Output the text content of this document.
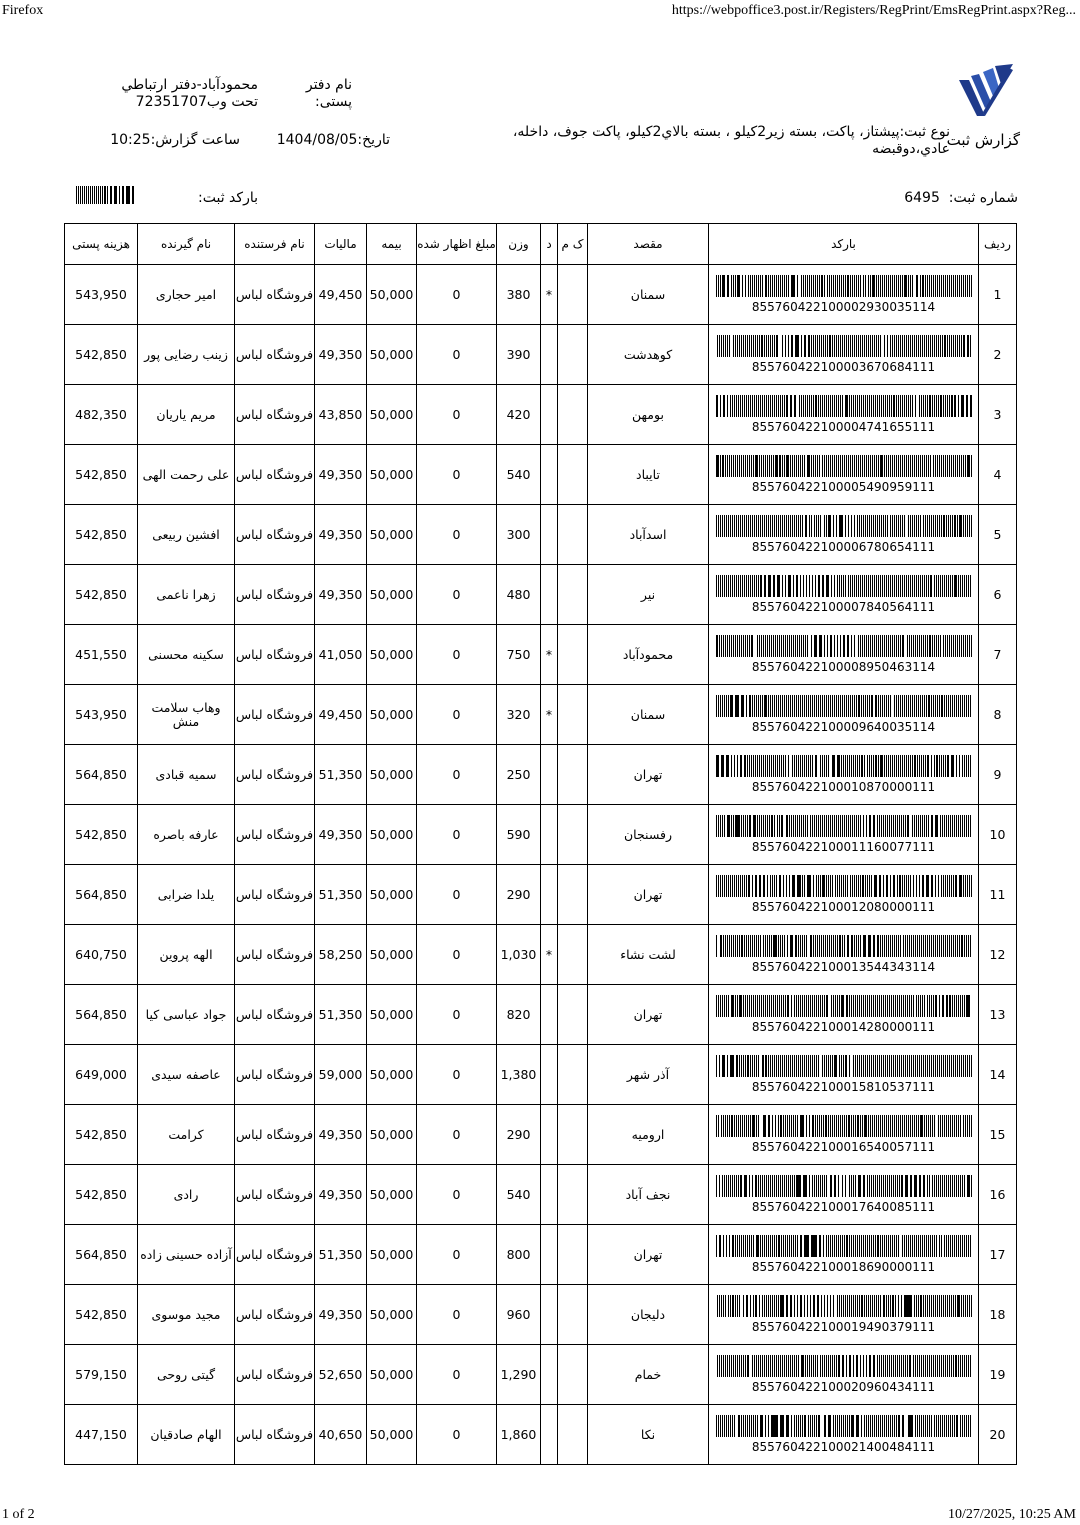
Firefox	https://webpoffice3.post.ir/Registers/RegPrint/EmsRegPrint.aspx?Reg...
گزارش ثبت
نوع ثبت:پیشتاز، پاکت، بسته زیر2کیلو ، بسته بالاي2کیلو، پاکت جوف، داخله،
عادي،دوقبضه
نام دفتر
پستی:
محمودآباد-دفتر ارتباطي
تحت وب72351707
تاریخ:1404/08/05
ساعت گزارش:10:25
شماره ثبت:  6495
بارکد ثبت:
ردیف	بارکد	مقصد	ک م	د	وزن	مبلغ اظهار شده	بیمه	مالیات	نام فرستنده	نام گیرنده	هزینه پستی
1	8557604221000029300351​14	سمنان		*	380	0	50,000	49,450	فروشگاه لباس	امیر حجاری	543,950
2	855760422100003670684111	کوهدشت			390	0	50,000	49,350	فروشگاه لباس	زینب رضایی پور	542,850
3	855760422100004741655111	بومهن			420	0	50,000	43,850	فروشگاه لباس	مریم یاریان	482,350
4	855760422100005490959111	تایباد			540	0	50,000	49,350	فروشگاه لباس	علی رحمت الهی	542,850
5	855760422100006780654111	اسدآباد			300	0	50,000	49,350	فروشگاه لباس	افشین ربیعی	542,850
6	855760422100007840564111	نیر			480	0	50,000	49,350	فروشگاه لباس	زهرا ناعمی	542,850
7	855760422100008950463114	محمودآباد		*	750	0	50,000	41,050	فروشگاه لباس	سکینه محسنی	451,550
8	855760422100009640035114	سمنان		*	320	0	50,000	49,450	فروشگاه لباس	وهاب سلامت منش	543,950
9	855760422100010870000111	تهران			250	0	50,000	51,350	فروشگاه لباس	سمیه قبادی	564,850
10	855760422100011160077111	رفسنجان			590	0	50,000	49,350	فروشگاه لباس	عارفه باصره	542,850
11	855760422100012080000111	تهران			290	0	50,000	51,350	فروشگاه لباس	یلدا ضرابی	564,850
12	855760422100013544343114	لشت نشاء		*	1,030	0	50,000	58,250	فروشگاه لباس	الهه پروین	640,750
13	855760422100014280000111	تهران			820	0	50,000	51,350	فروشگاه لباس	جواد عباسی کیا	564,850
14	855760422100015810537111	آذر شهر			1,380	0	50,000	59,000	فروشگاه لباس	عاصفه سیدی	649,000
15	855760422100016540057111	ارومیه			290	0	50,000	49,350	فروشگاه لباس	کرامت	542,850
16	855760422100017640085111	نجف آباد			540	0	50,000	49,350	فروشگاه لباس	رادی	542,850
17	855760422100018690000111	تهران			800	0	50,000	51,350	فروشگاه لباس	آزاده حسینی زاده	564,850
18	855760422100019490379111	دلیجان			960	0	50,000	49,350	فروشگاه لباس	مجید موسوی	542,850
19	855760422100020960434111	خمام			1,290	0	50,000	52,650	فروشگاه لباس	گیتی روحی	579,150
20	855760422100021400484111	نکا			1,860	0	50,000	40,650	فروشگاه لباس	الهام صادقیان	447,150
1 of 2	10/27/2025, 10:25 AM
